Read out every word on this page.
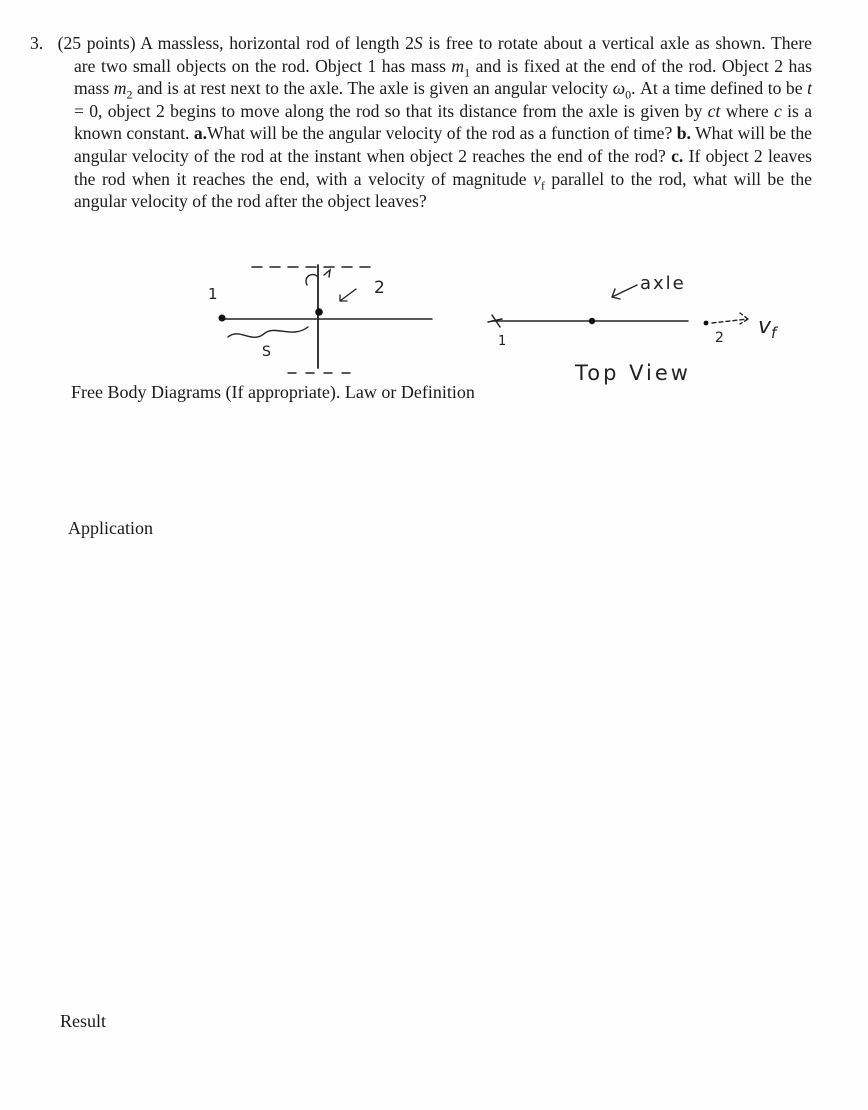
3. (25 points) A massless, horizontal rod of length 2S is free to rotate about a vertical axle as shown. There are two small objects on the rod. Object 1 has mass $m_1$ and is fixed at the end of the rod. Object 2 has mass $m_2$ and is at rest next to the axle. The axle is given an angular velocity $\omega_0$. At a time defined to be t = 0, object 2 begins to move along the rod so that its distance from the axle is given by ct where c is a known constant. a.What will be the angular velocity of the rod as a function of time? b. What will be the angular velocity of the rod at the instant when object 2 reaches the end of the rod? c. If object 2 leaves the rod when it reaches the end, with a velocity of magnitude $v_f$ parallel to the rod, what will be the angular velocity of the rod after the object leaves?

1	2
S
axle
1	2 $v_f$
Top View

Free Body Diagrams (If appropriate). Law or Definition

Application

Result
